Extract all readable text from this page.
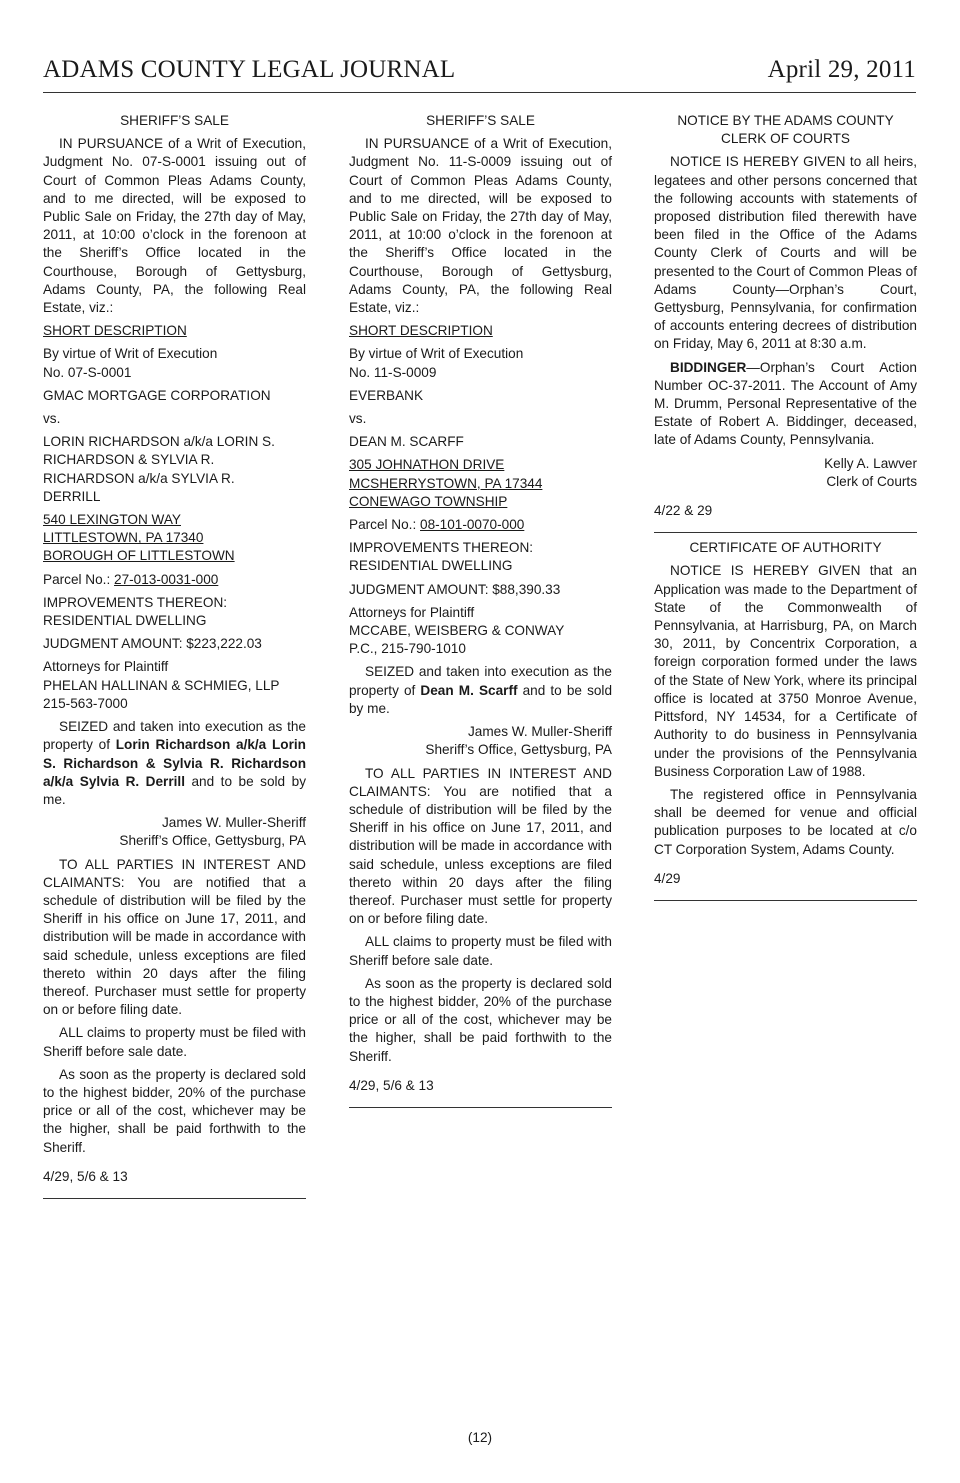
ADAMS COUNTY LEGAL JOURNAL	April 29, 2011

SHERIFF’S SALE

IN PURSUANCE of a Writ of Execution, Judgment No. 07-S-0001 issuing out of Court of Common Pleas Adams County, and to me directed, will be exposed to Public Sale on Friday, the 27th day of May, 2011, at 10:00 o’clock in the forenoon at the Sheriff’s Office located in the Courthouse, Borough of Gettysburg, Adams County, PA, the following Real Estate, viz.:

SHORT DESCRIPTION

By virtue of Writ of Execution
No. 07-S-0001

GMAC MORTGAGE CORPORATION

vs.

LORIN RICHARDSON a/k/a LORIN S.
RICHARDSON & SYLVIA R.
RICHARDSON a/k/a SYLVIA R.
DERRILL

540 LEXINGTON WAY
LITTLESTOWN, PA 17340
BOROUGH OF LITTLESTOWN

Parcel No.: 27-013-0031-000

IMPROVEMENTS THEREON:
RESIDENTIAL DWELLING

JUDGMENT AMOUNT: $223,222.03

Attorneys for Plaintiff
PHELAN HALLINAN & SCHMIEG, LLP
215-563-7000

SEIZED and taken into execution as the property of Lorin Richardson a/k/a Lorin S. Richardson & Sylvia R. Richardson a/k/a Sylvia R. Derrill and to be sold by me.

James W. Muller-Sheriff
Sheriff’s Office, Gettysburg, PA

TO ALL PARTIES IN INTEREST AND CLAIMANTS: You are notified that a schedule of distribution will be filed by the Sheriff in his office on June 17, 2011, and distribution will be made in accordance with said schedule, unless exceptions are filed thereto within 20 days after the filing thereof. Purchaser must settle for property on or before filing date.

ALL claims to property must be filed with Sheriff before sale date.

As soon as the property is declared sold to the highest bidder, 20% of the purchase price or all of the cost, whichever may be the higher, shall be paid forthwith to the Sheriff.

4/29, 5/6 & 13

SHERIFF’S SALE

IN PURSUANCE of a Writ of Execution, Judgment No. 11-S-0009 issuing out of Court of Common Pleas Adams County, and to me directed, will be exposed to Public Sale on Friday, the 27th day of May, 2011, at 10:00 o’clock in the forenoon at the Sheriff’s Office located in the Courthouse, Borough of Gettysburg, Adams County, PA, the following Real Estate, viz.:

SHORT DESCRIPTION

By virtue of Writ of Execution
No. 11-S-0009

EVERBANK

vs.

DEAN M. SCARFF

305 JOHNATHON DRIVE
MCSHERRYSTOWN, PA 17344
CONEWAGO TOWNSHIP

Parcel No.: 08-101-0070-000

IMPROVEMENTS THEREON:
RESIDENTIAL DWELLING

JUDGMENT AMOUNT: $88,390.33

Attorneys for Plaintiff
MCCABE, WEISBERG & CONWAY
P.C., 215-790-1010

SEIZED and taken into execution as the property of Dean M. Scarff and to be sold by me.

James W. Muller-Sheriff
Sheriff’s Office, Gettysburg, PA

TO ALL PARTIES IN INTEREST AND CLAIMANTS: You are notified that a schedule of distribution will be filed by the Sheriff in his office on June 17, 2011, and distribution will be made in accordance with said schedule, unless exceptions are filed thereto within 20 days after the filing thereof. Purchaser must settle for property on or before filing date.

ALL claims to property must be filed with Sheriff before sale date.

As soon as the property is declared sold to the highest bidder, 20% of the purchase price or all of the cost, whichever may be the higher, shall be paid forthwith to the Sheriff.

4/29, 5/6 & 13

NOTICE BY THE ADAMS COUNTY
CLERK OF COURTS

NOTICE IS HEREBY GIVEN to all heirs, legatees and other persons concerned that the following accounts with statements of proposed distribution filed therewith have been filed in the Office of the Adams County Clerk of Courts and will be presented to the Court of Common Pleas of Adams County—Orphan’s Court, Gettysburg, Pennsylvania, for confirmation of accounts entering decrees of distribution on Friday, May 6, 2011 at 8:30 a.m.

BIDDINGER—Orphan’s Court Action Number OC-37-2011. The Account of Amy M. Drumm, Personal Representative of the Estate of Robert A. Biddinger, deceased, late of Adams County, Pennsylvania.

Kelly A. Lawver
Clerk of Courts

4/22 & 29

CERTIFICATE OF AUTHORITY

NOTICE IS HEREBY GIVEN that an Application was made to the Department of State of the Commonwealth of Pennsylvania, at Harrisburg, PA, on March 30, 2011, by Concentrix Corporation, a foreign corporation formed under the laws of the State of New York, where its principal office is located at 3750 Monroe Avenue, Pittsford, NY 14534, for a Certificate of Authority to do business in Pennsylvania under the provisions of the Pennsylvania Business Corporation Law of 1988.

The registered office in Pennsylvania shall be deemed for venue and official publication purposes to be located at c/o CT Corporation System, Adams County.

4/29

(12)
